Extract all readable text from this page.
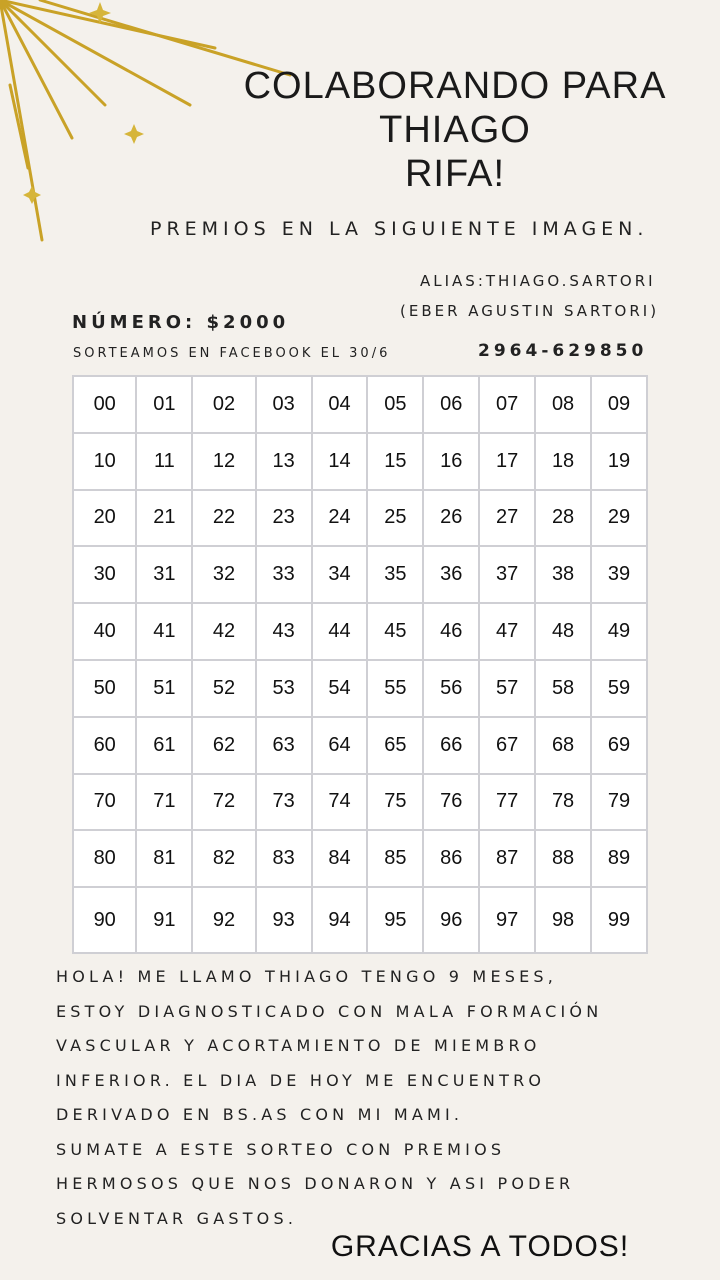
COLABORANDO PARA
THIAGO
RIFA!
PREMIOS EN LA SIGUIENTE IMAGEN.
ALIAS:THIAGO.SARTORI
(EBER AGUSTIN SARTORI)
NÚMERO: $2000
SORTEAMOS EN FACEBOOK EL 30/6	2964-629850
00	01	02	03	04	05	06	07	08	09
10	11	12	13	14	15	16	17	18	19
20	21	22	23	24	25	26	27	28	29
30	31	32	33	34	35	36	37	38	39
40	41	42	43	44	45	46	47	48	49
50	51	52	53	54	55	56	57	58	59
60	61	62	63	64	65	66	67	68	69
70	71	72	73	74	75	76	77	78	79
80	81	82	83	84	85	86	87	88	89
90	91	92	93	94	95	96	97	98	99
HOLA! ME LLAMO THIAGO TENGO 9 MESES,
ESTOY DIAGNOSTICADO CON MALA FORMACIÓN
VASCULAR Y ACORTAMIENTO DE MIEMBRO
INFERIOR. EL DIA DE HOY ME ENCUENTRO
DERIVADO EN BS.AS CON MI MAMI.
SUMATE A ESTE SORTEO CON PREMIOS
HERMOSOS QUE NOS DONARON Y ASI PODER
SOLVENTAR GASTOS.
GRACIAS A TODOS!
